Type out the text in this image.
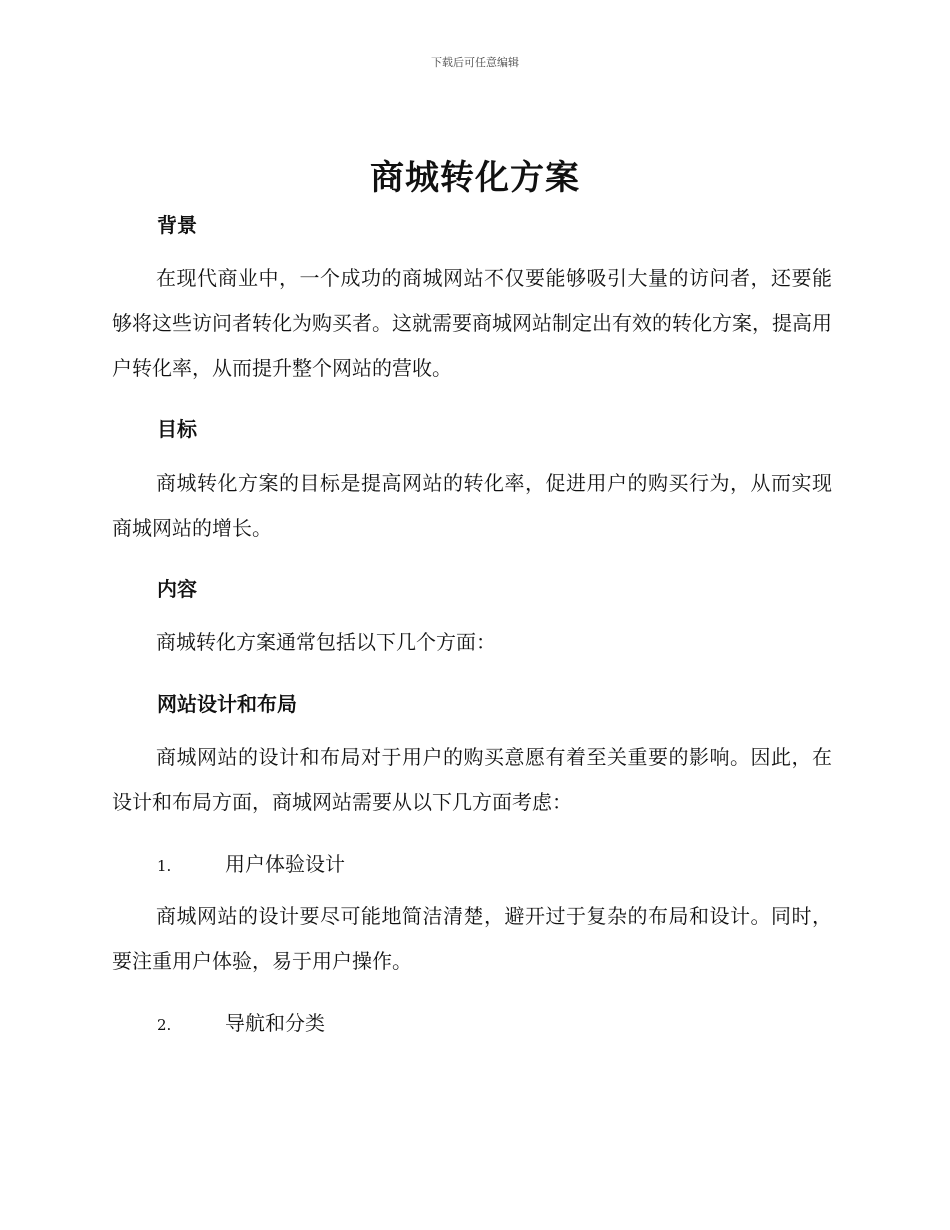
下载后可任意编辑
商城转化方案
背景

在现代商业中，一个成功的商城网站不仅要能够吸引大量的访问者，还要能够将这些访问者转化为购买者。这就需要商城网站制定出有效的转化方案，提高用户转化率，从而提升整个网站的营收。

目标

商城转化方案的目标是提高网站的转化率，促进用户的购买行为，从而实现商城网站的增长。

内容

商城转化方案通常包括以下几个方面：

网站设计和布局

商城网站的设计和布局对于用户的购买意愿有着至关重要的影响。因此，在设计和布局方面，商城网站需要从以下几方面考虑：

1.	用户体验设计

商城网站的设计要尽可能地简洁清楚，避开过于复杂的布局和设计。同时，要注重用户体验，易于用户操作。

2.	导航和分类
